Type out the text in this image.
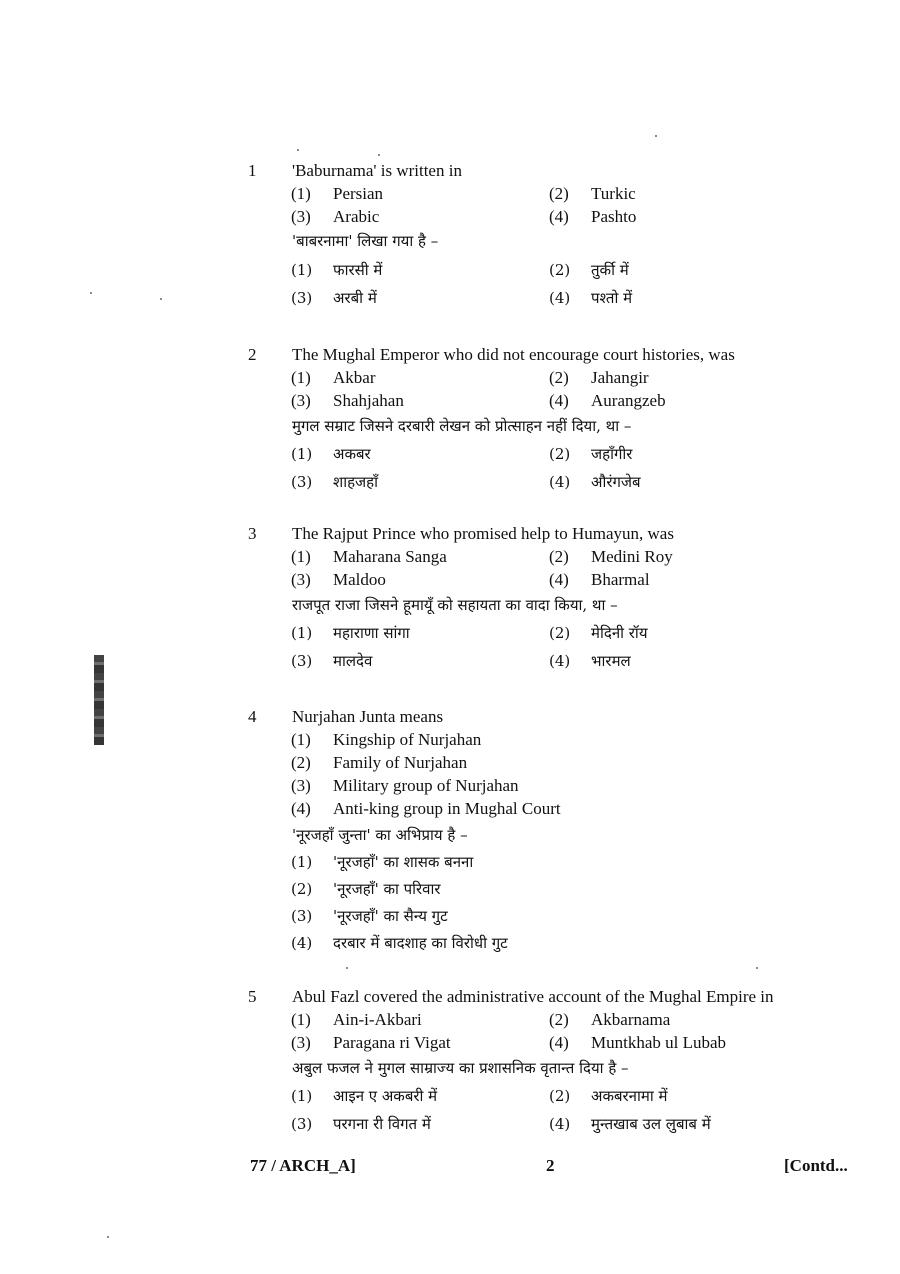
1 'Baburnama' is written in
(1) Persian	(2) Turkic
(3) Arabic	(4) Pashto
'बाबरनामा' लिखा गया है –
(1) फारसी में	(2) तुर्की में
(3) अरबी में	(4) पश्तो में
2 The Mughal Emperor who did not encourage court histories, was
(1) Akbar	(2) Jahangir
(3) Shahjahan	(4) Aurangzeb
मुगल सम्राट जिसने दरबारी लेखन को प्रोत्साहन नहीं दिया, था –
(1) अकबर	(2) जहाँगीर
(3) शाहजहाँ	(4) औरंगजेब
3 The Rajput Prince who promised help to Humayun, was
(1) Maharana Sanga	(2) Medini Roy
(3) Maldoo	(4) Bharmal
राजपूत राजा जिसने हूमायूँ को सहायता का वादा किया, था –
(1) महाराणा सांगा	(2) मेदिनी रॉय
(3) मालदेव	(4) भारमल
4 Nurjahan Junta means
(1) Kingship of Nurjahan
(2) Family of Nurjahan
(3) Military group of Nurjahan
(4) Anti-king group in Mughal Court
'नूरजहाँ जुन्ता' का अभिप्राय है –
(1) 'नूरजहाँ' का शासक बनना
(2) 'नूरजहाँ' का परिवार
(3) 'नूरजहाँ' का सैन्य गुट
(4) दरबार में बादशाह का विरोधी गुट
5 Abul Fazl covered the administrative account of the Mughal Empire in
(1) Ain-i-Akbari	(2) Akbarnama
(3) Paragana ri Vigat	(4) Muntkhab ul Lubab
अबुल फजल ने मुगल साम्राज्य का प्रशासनिक वृतान्त दिया है –
(1) आइन ए अकबरी में	(2) अकबरनामा में
(3) परगना री विगत में	(4) मुन्तखाब उल लुबाब में
77 / ARCH_A]	2	[Contd...
